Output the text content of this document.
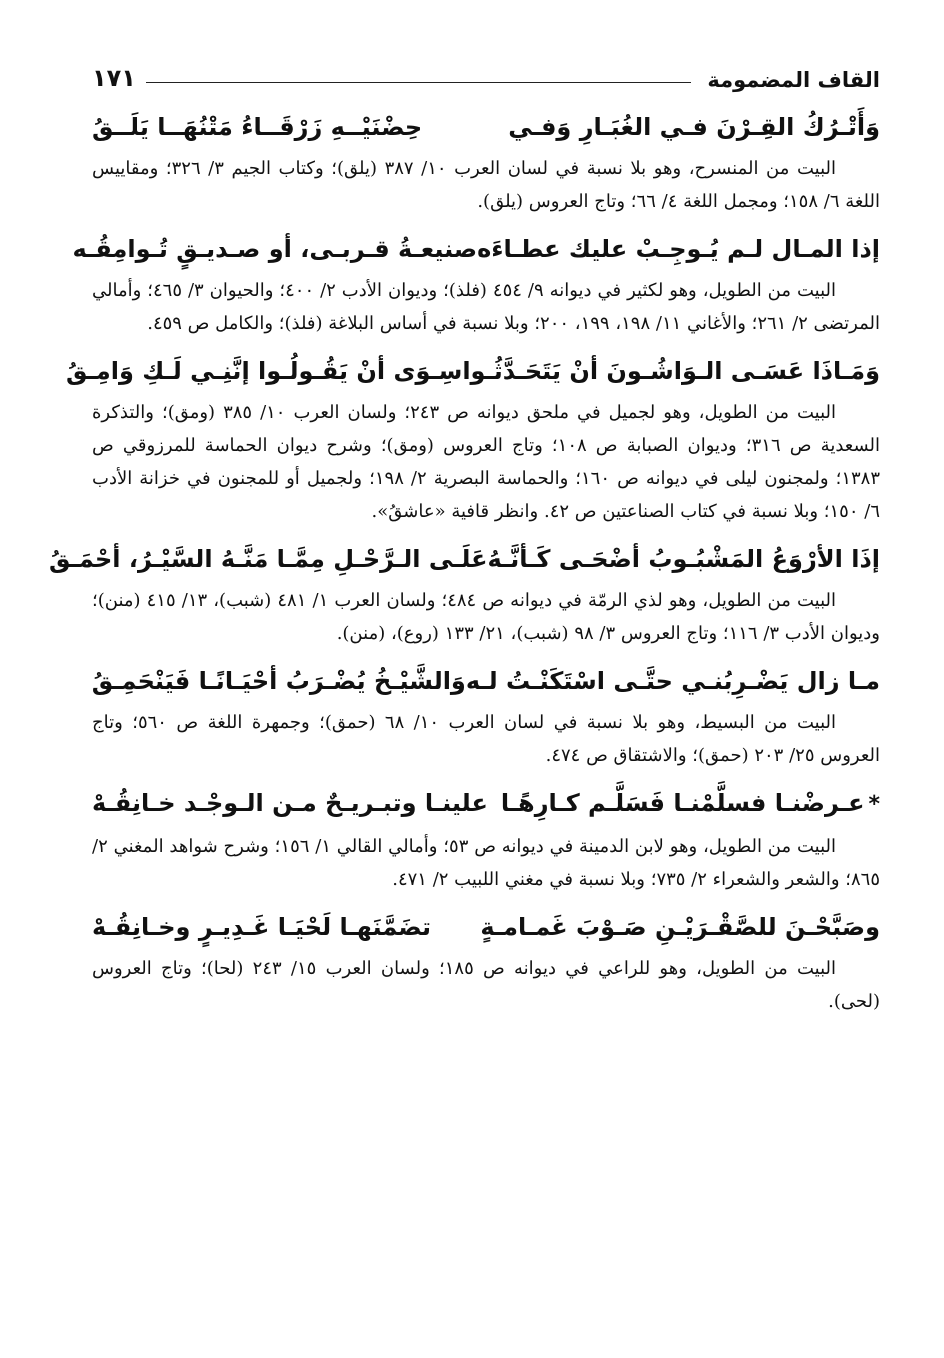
القاف المضمومة
١٧١
وَأَتْـرُكُ القِـرْنَ فـي الغُبَـارِ وَفـي
حِضْنَيْــهِ زَرْقَــاءُ مَتْنُهَــا يَلَــقُ

البيت من المنسرح، وهو بلا نسبة في لسان العرب ١٠/ ٣٨٧ (يلق)؛ وكتاب الجيم ٣/ ٣٢٦؛ ومقاييس اللغة ٦/ ١٥٨؛ ومجمل اللغة ٤/ ٦٦؛ وتاج العروس (يلق).

إذا المـال لـم يُـوجِـبْ عليك عطـاءَه
صنيعـةُ قـربـى، أو صـديـقٍ تُـوامِقُـه

البيت من الطويل، وهو لكثير في ديوانه ٩/ ٤٥٤ (فلذ)؛ وديوان الأدب ٢/ ٤٠٠؛ والحيوان ٣/ ٤٦٥؛ وأمالي المرتضى ٢/ ٢٦١؛ والأغاني ١١/ ١٩٨، ١٩٩، ٢٠٠؛ وبلا نسبة في أساس البلاغة (فلذ)؛ والكامل ص ٤٥٩.

وَمَـاذَا عَسَـى الـوَاشُـونَ أنْ يَتَحَـدَّثُـوا
سِـوَى أنْ يَقُـولُـوا إنَّنِـي لَـكِ وَامِـقُ

البيت من الطويل، وهو لجميل في ملحق ديوانه ص ٢٤٣؛ ولسان العرب ١٠/ ٣٨٥ (ومق)؛ والتذكرة السعدية ص ٣١٦؛ وديوان الصبابة ص ١٠٨؛ وتاج العروس (ومق)؛ وشرح ديوان الحماسة للمرزوقي ص ١٣٨٣؛ ولمجنون ليلى في ديوانه ص ١٦٠؛ والحماسة البصرية ٢/ ١٩٨؛ ولجميل أو للمجنون في خزانة الأدب ٦/ ١٥٠؛ وبلا نسبة في كتاب الصناعتين ص ٤٢. وانظر قافية «عاشقُ».

إذَا الأرْوَعُ المَشْبُـوبُ أضْحَـى كَـأنَّـهُ
عَلَـى الـرَّحْـلِ مِمَّـا مَنَّـهُ السَّيْـرُ، أحْمَـقُ

البيت من الطويل، وهو لذي الرمّة في ديوانه ص ٤٨٤؛ ولسان العرب ١/ ٤٨١ (شبب)، ١٣/ ٤١٥ (منن)؛ وديوان الأدب ٣/ ١١٦؛ وتاج العروس ٣/ ٩٨ (شبب)، ٢١/ ١٣٣ (روع)، (منن).

مـا زال يَضْـرِبُنـي حتَّـى اسْتَكَنْـتُ لـه
وَالشَّيْـخُ يُضْـرَبُ أحْيَـانًـا فَيَنْحَمِـقُ

البيت من البسيط، وهو بلا نسبة في لسان العرب ١٠/ ٦٨ (حمق)؛ وجمهرة اللغة ص ٥٦٠؛ وتاج العروس ٢٥/ ٢٠٣ (حمق)؛ والاشتقاق ص ٤٧٤.

*عـرضْنـا فسلَّمْنـا فَسَلَّـم كـارِهًـا
علينـا وتبـريـحٌ مـن الـوجْـد خـانِقُـهْ

البيت من الطويل، وهو لابن الدمينة في ديوانه ص ٥٣؛ وأمالي القالي ١/ ١٥٦؛ وشرح شواهد المغني ٢/ ٨٦٥؛ والشعر والشعراء ٢/ ٧٣٥؛ وبلا نسبة في مغني اللبيب ٢/ ٤٧١.

وصَبَّحْـنَ للصَّقْـرَيْـنِ صَـوْبَ غَمـامـةٍ
تضَمَّنَهـا لَحْيَـا غَـدِيـرٍ وخـانِقُـهْ

البيت من الطويل، وهو للراعي في ديوانه ص ١٨٥؛ ولسان العرب ١٥/ ٢٤٣ (لحا)؛ وتاج العروس (لحى).
